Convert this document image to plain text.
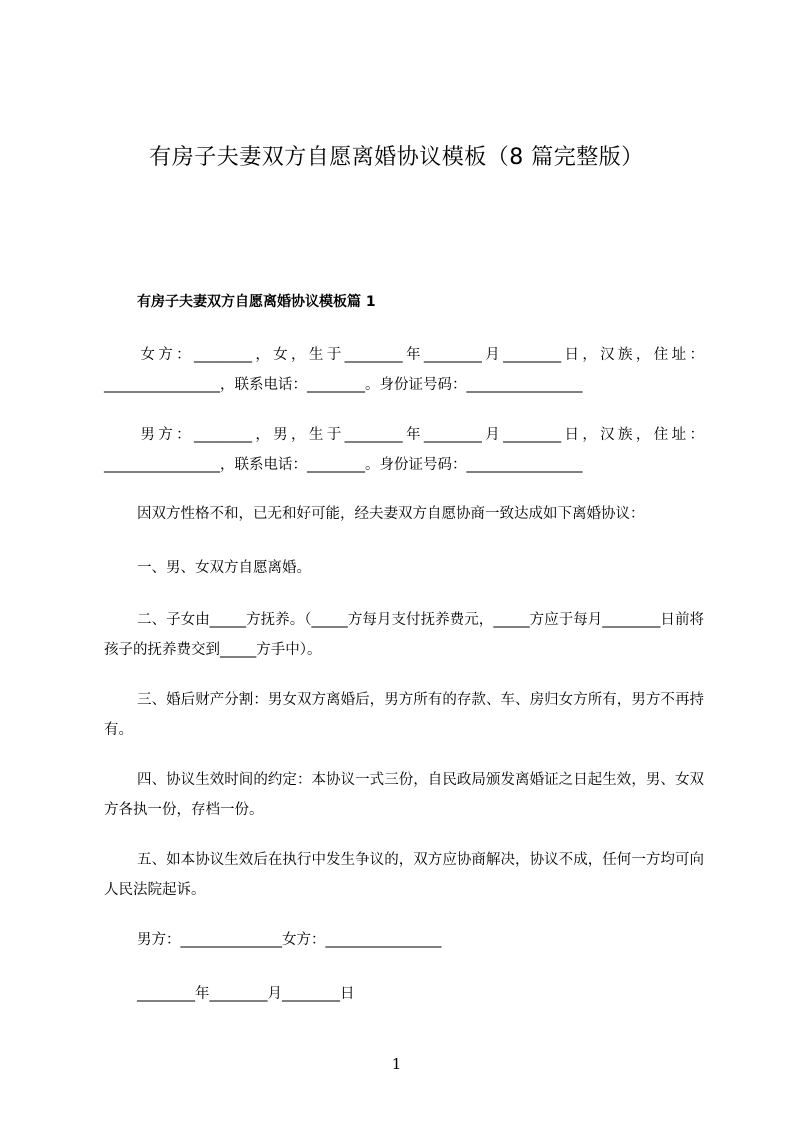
有房子夫妻双方自愿离婚协议模板（8 篇完整版）
有房子夫妻双方自愿离婚协议模板篇 1
女方：________，女，生于________年________月________日，汉族，住址：________________，联系电话：________。身份证号码：________________
男方：________，男，生于________年________月________日，汉族，住址：________________，联系电话：________。身份证号码：________________
因双方性格不和，已无和好可能，经夫妻双方自愿协商一致达成如下离婚协议：
一、男、女双方自愿离婚。
二、子女由_____方抚养。（_____方每月支付抚养费元，_____方应于每月________日前将孩子的抚养费交到_____方手中）。
三、婚后财产分割：男女双方离婚后，男方所有的存款、车、房归女方所有，男方不再持有。
四、协议生效时间的约定：本协议一式三份，自民政局颁发离婚证之日起生效，男、女双方各执一份，存档一份。
五、如本协议生效后在执行中发生争议的，双方应协商解决，协议不成，任何一方均可向人民法院起诉。
男方：______________女方：________________
________年________月________日
1
